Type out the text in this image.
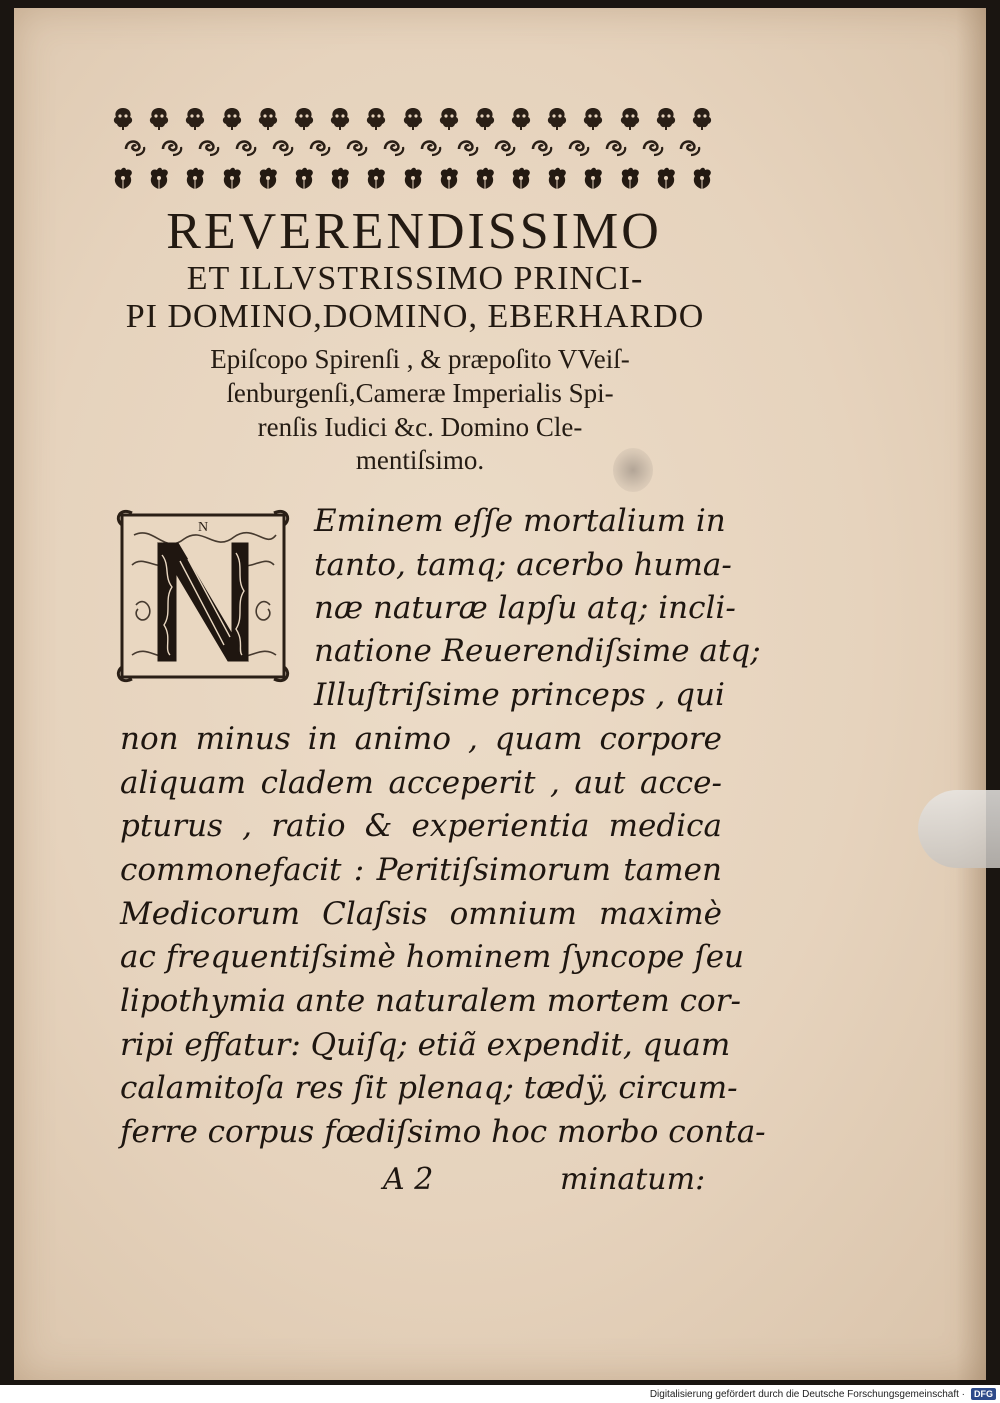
REVERENDISSIMO
ET ILLVSTRISSIMO PRINCI-
PI DOMINO,DOMINO, EBERHARDO
Epiſcopo Spirenſi , & præpoſito VVeiſ-
ſenburgenſi,Cameræ Imperialis Spi-
renſis Iudici &c. Domino Cle-
mentiſsimo.
N	Eminem eſſe mortalium in
tanto, tamq; acerbo huma-
næ naturæ lapſu atq; incli-
natione Reuerendiſsime atq;
Illuſtriſsime princeps , qui
non minus in animo , quam corpore
aliquam cladem acceperit , aut acce-
pturus , ratio & experientia medica
commonefacit : Peritiſsimorum tamen
Medicorum Claſsis omnium maximè
ac frequentiſsimè hominem ſyncope ſeu
lipothymia ante naturalem mortem cor-
ripi effatur: Quiſq; etiã expendit, quam
calamitoſa res ſit plenaq; tædÿ, circum-
ferre corpus fœdiſsimo hoc morbo conta-
A 2	minatum:
Digitalisierung gefördert durch die Deutsche Forschungsgemeinschaft ·	DFG
